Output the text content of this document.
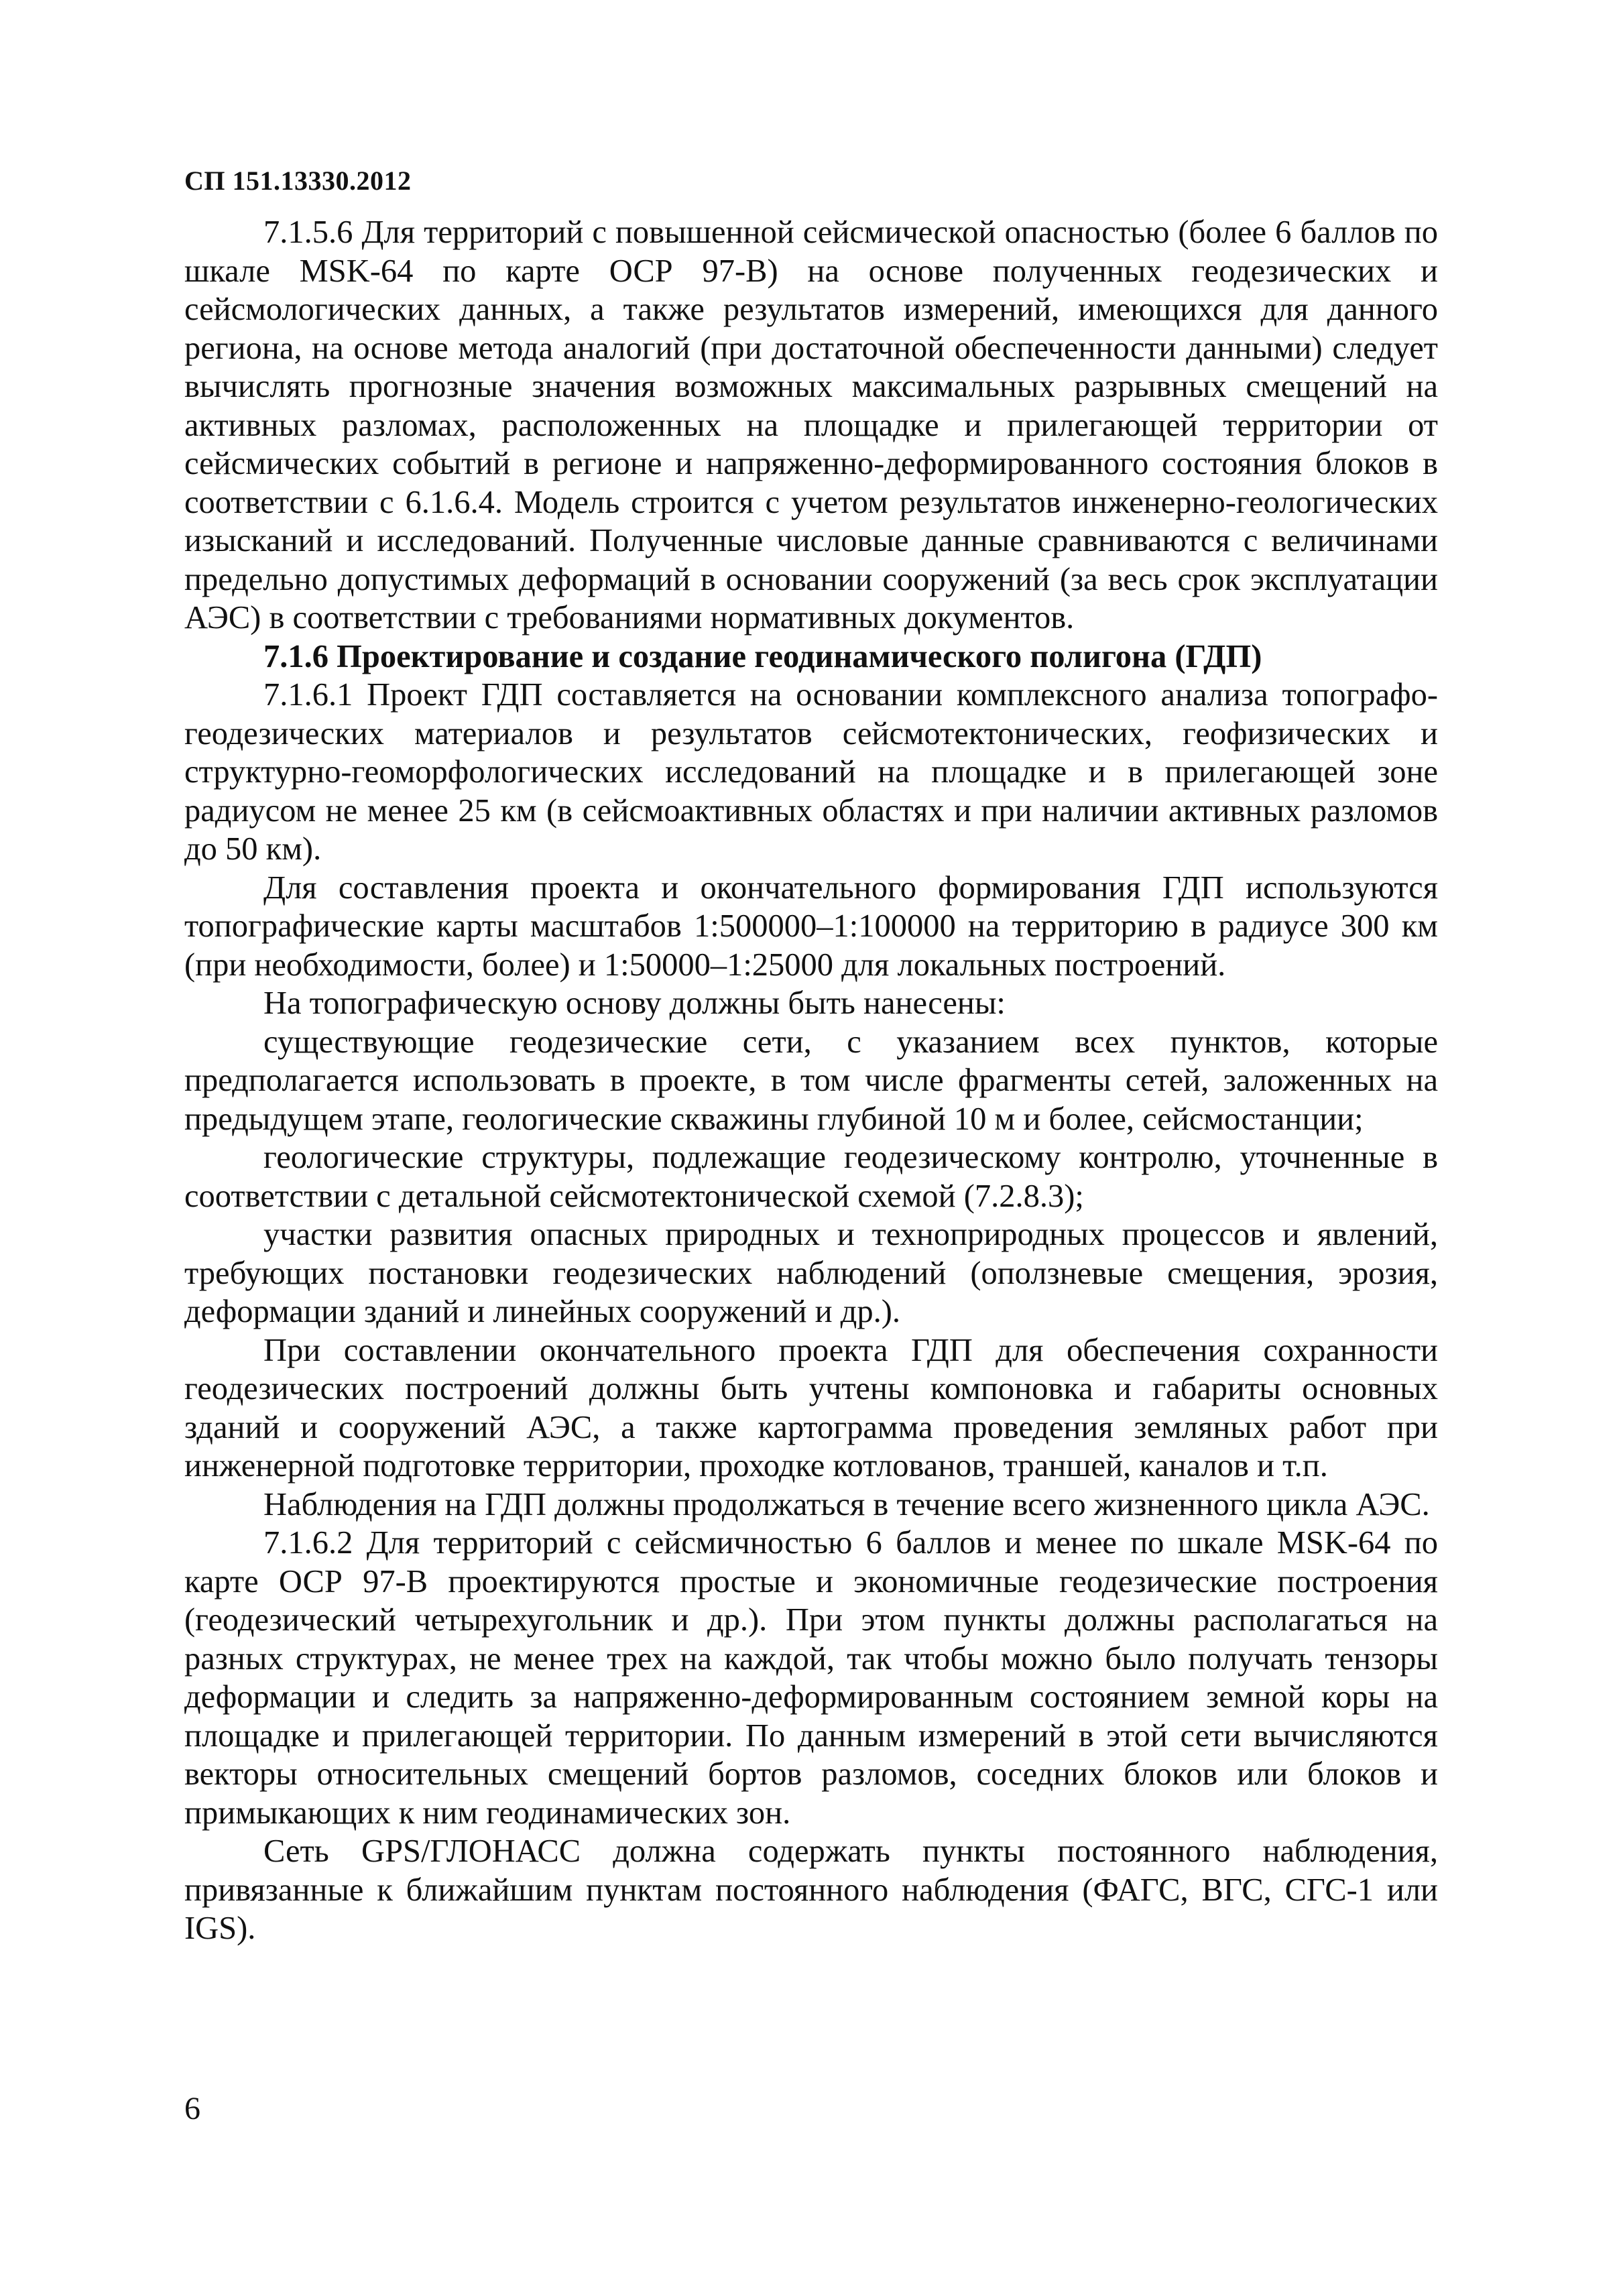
СП 151.13330.2012

7.1.5.6 Для территорий с повышенной сейсмической опасностью (более 6 баллов по шкале MSK-64 по карте ОСР 97-В) на основе полученных геодезических и сейсмологических данных, а также результатов измерений, имеющихся для данного региона, на основе метода аналогий (при достаточной обеспеченности данными) следует вычислять прогнозные значения возможных максимальных разрывных смещений на активных разломах, расположенных на площадке и прилегающей территории от сейсмических событий в регионе и напряженно-деформированного состояния блоков в соответствии с 6.1.6.4. Модель строится с учетом результатов инженерно-геологических изысканий и исследований. Полученные числовые данные сравниваются с величинами предельно допустимых деформаций в основании сооружений (за весь срок эксплуатации АЭС) в соответствии с требованиями нормативных документов.

7.1.6 Проектирование и создание геодинамического полигона (ГДП)

7.1.6.1 Проект ГДП составляется на основании комплексного анализа топографо-геодезических материалов и результатов сейсмотектонических, геофизических и структурно-геоморфологических исследований на площадке и в прилегающей зоне радиусом не менее 25 км (в сейсмоактивных областях и при наличии активных разломов до 50 км).

Для составления проекта и окончательного формирования ГДП используются топографические карты масштабов 1:500000–1:100000 на территорию в радиусе 300 км (при необходимости, более) и 1:50000–1:25000 для локальных построений.

На топографическую основу должны быть нанесены:

существующие геодезические сети, с указанием всех пунктов, которые предполагается использовать в проекте, в том числе фрагменты сетей, заложенных на предыдущем этапе, геологические скважины глубиной 10 м и более, сейсмостанции;

геологические структуры, подлежащие геодезическому контролю, уточненные в соответствии с детальной сейсмотектонической схемой (7.2.8.3);

участки развития опасных природных и технoприродных процессов и явлений, требующих постановки геодезических наблюдений (оползневые смещения, эрозия, деформации зданий и линейных сооружений и др.).

При составлении окончательного проекта ГДП для обеспечения сохранности геодезических построений должны быть учтены компоновка и габариты основных зданий и сооружений АЭС, а также картограмма проведения земляных работ при инженерной подготовке территории, проходке котлованов, траншей, каналов и т.п.

Наблюдения на ГДП должны продолжаться в течение всего жизненного цикла АЭС.

7.1.6.2 Для территорий с сейсмичностью 6 баллов и менее по шкале MSK-64 по карте ОСР 97-В проектируются простые и экономичные геодезические построения (геодезический четырехугольник и др.). При этом пункты должны располагаться на разных структурах, не менее трех на каждой, так чтобы можно было получать тензоры деформации и следить за напряженно-деформированным состоянием земной коры на площадке и прилегающей территории. По данным измерений в этой сети вычисляются векторы относительных смещений бортов разломов, соседних блоков или блоков и примыкающих к ним геодинамических зон.

Сеть GPS/ГЛОНАСС должна содержать пункты постоянного наблюдения, привязанные к ближайшим пунктам постоянного наблюдения (ФАГС, ВГС, СГС-1 или IGS).

6
